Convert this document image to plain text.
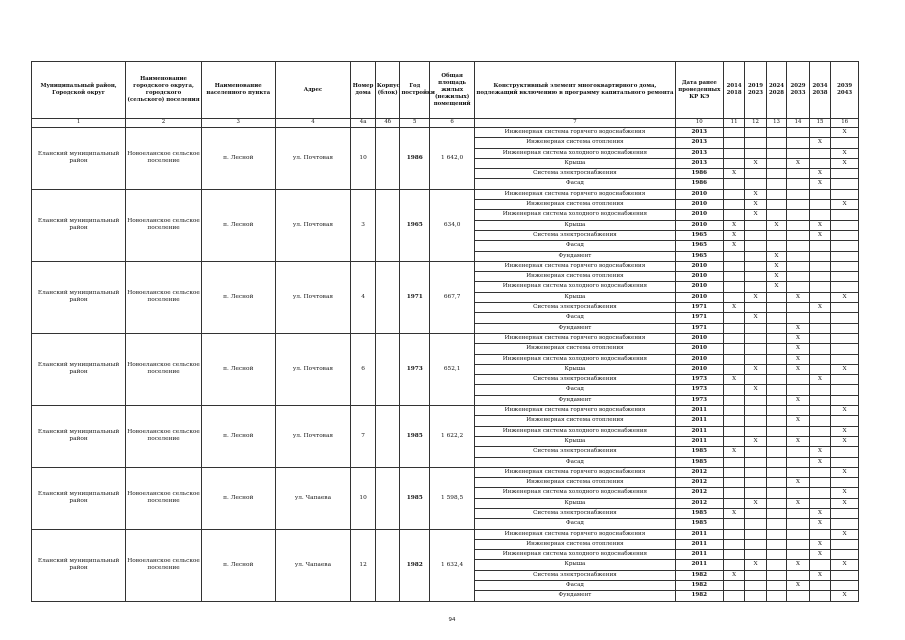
Муниципальный район, Городской округ	Наименование городского округа, городского (сельского) поселения	Наименование населенного пункта	Адрес	Номер дома	Корпус (блок)	Год постройки	Общая площадь жилых (нежилых) помещений	Конструктивный элемент многоквартирного дома, подлежащий включению в программу капитального ремонта	Дата ранее проведенных КР КЭ	2014 2018	2019 2023	2024 2028	2029 2033	2034 2038	2039 2043
1	2	3	4	4а	4б	5	6	7	10	11	12	13	14	15	16
Еланский муниципальный район	Новоеланское сельское поселение	п. Лесной	ул. Почтовая	10		1986	1 642,0	Инженерная система горячего водоснабжения	2013						X
								Инженерная система отопления	2013					X	
								Инженерная система холодного водоснабжения	2013						X
								Крыша	2013		X		X		X
								Система электроснабжения	1986	X				X	
								Фасад	1986					X	
Еланский муниципальный район	Новоеланское сельское поселение	п. Лесной	ул. Почтовая	3		1965	634,0	Инженерная система горячего водоснабжения	2010		X				
								Инженерная система отопления	2010		X				X
								Инженерная система холодного водоснабжения	2010		X				
								Крыша	2010	X		X		X	
								Система электроснабжения	1965	X				X	
								Фасад	1965	X					
								Фундамент	1965			X			
Еланский муниципальный район	Новоеланское сельское поселение	п. Лесной	ул. Почтовая	4		1971	667,7	Инженерная система горячего водоснабжения	2010			X			
								Инженерная система отопления	2010			X			
								Инженерная система холодного водоснабжения	2010			X			
								Крыша	2010		X		X		X
								Система электроснабжения	1971	X				X	
								Фасад	1971		X				
								Фундамент	1971				X		
Еланский муниципальный район	Новоеланское сельское поселение	п. Лесной	ул. Почтовая	6		1973	652,1	Инженерная система горячего водоснабжения	2010				X		
								Инженерная система отопления	2010				X		
								Инженерная система холодного водоснабжения	2010				X		
								Крыша	2010		X		X		X
								Система электроснабжения	1973	X				X	
								Фасад	1973		X				
								Фундамент	1973				X		
Еланский муниципальный район	Новоеланское сельское поселение	п. Лесной	ул. Почтовая	7		1985	1 622,2	Инженерная система горячего водоснабжения	2011						X
								Инженерная система отопления	2011				X		
								Инженерная система холодного водоснабжения	2011						X
								Крыша	2011		X		X		X
								Система электроснабжения	1985	X				X	
								Фасад	1985					X	
Еланский муниципальный район	Новоеланское сельское поселение	п. Лесной	ул. Чапаева	10		1985	1 598,5	Инженерная система горячего водоснабжения	2012						X
								Инженерная система отопления	2012				X		
								Инженерная система холодного водоснабжения	2012						X
								Крыша	2012		X		X		X
								Система электроснабжения	1985	X				X	
								Фасад	1985					X	
Еланский муниципальный район	Новоеланское сельское поселение	п. Лесной	ул. Чапаева	12		1982	1 632,4	Инженерная система горячего водоснабжения	2011						X
								Инженерная система отопления	2011					X	
								Инженерная система холодного водоснабжения	2011					X	
								Крыша	2011		X		X		X
								Система электроснабжения	1982	X				X	
								Фасад	1982				X		
								Фундамент	1982						X
94
